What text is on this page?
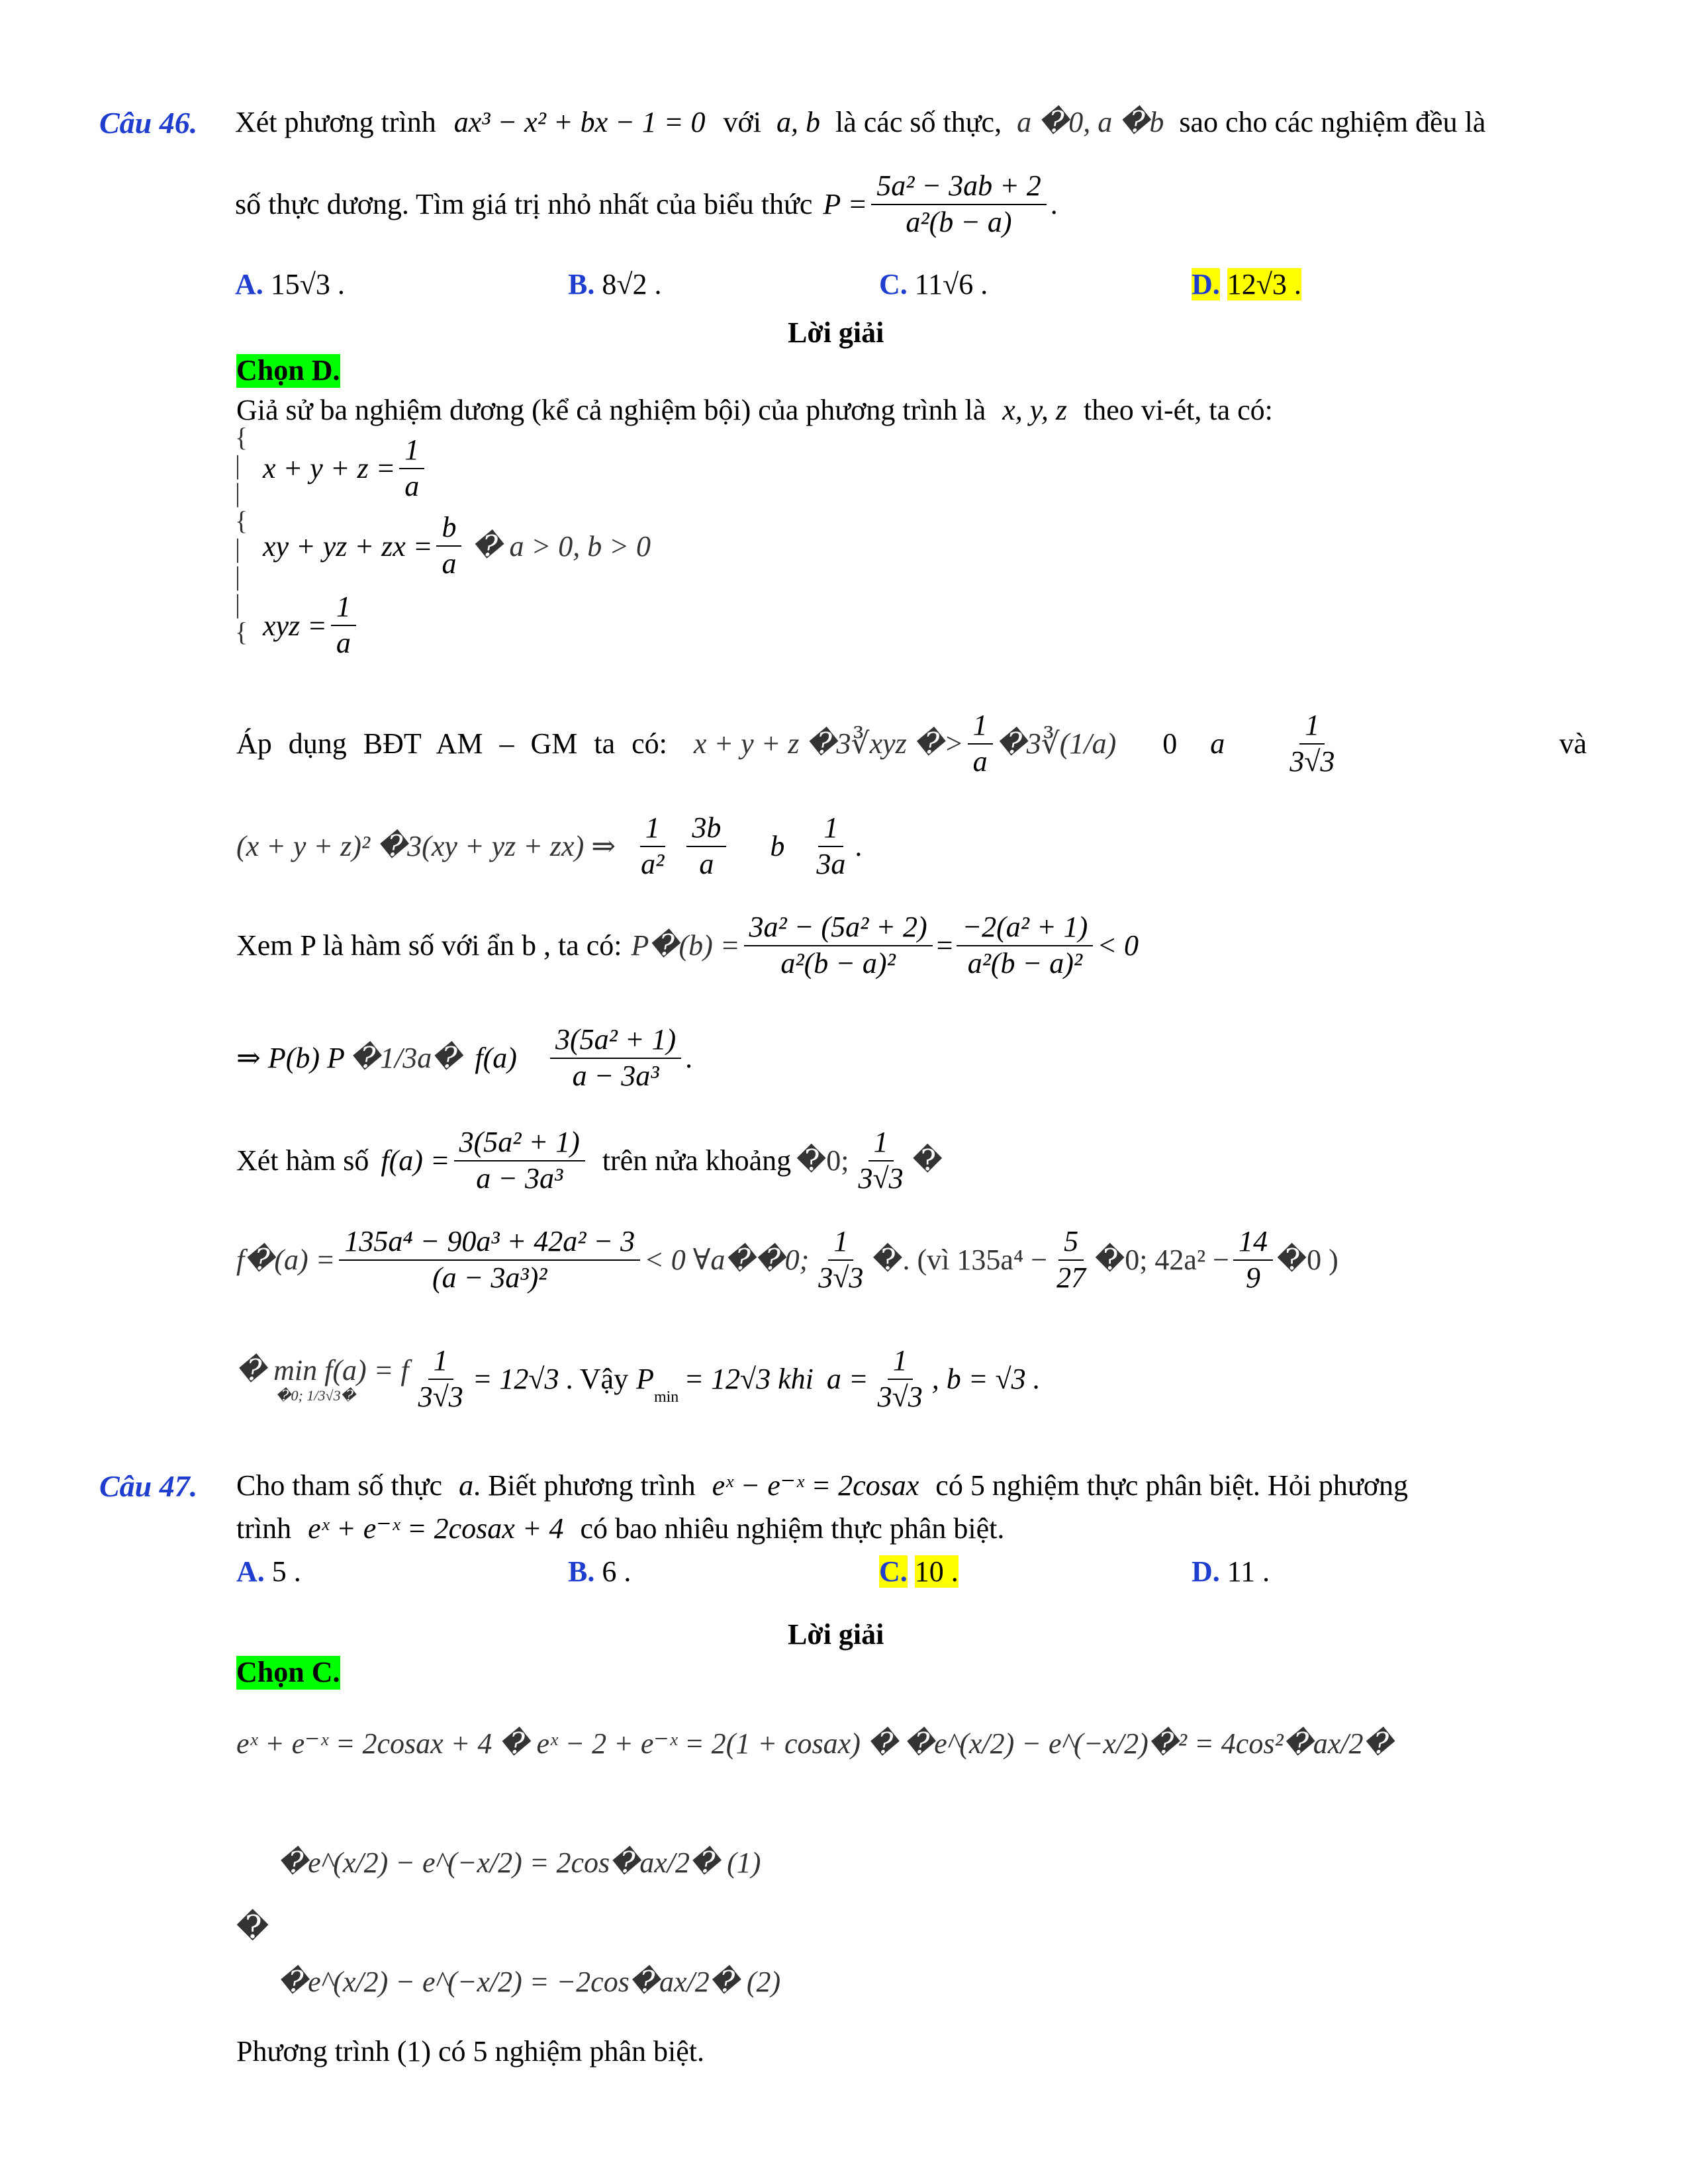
Câu 46. Xét phương trình ax³ − x² + bx − 1 = 0 với a, b là các số thực, a �0, a �b sao cho các nghiệm đều là
số thực dương. Tìm giá trị nhỏ nhất của biểu thức $P = \frac{\text{5a² − 3ab + 2}}{\text{a²(b − a)}}$ .
A. 15√3 .	B. 8√2 .	C. 11√6 .	D. 12√3 .
Lời giải
Chọn D.
Giả sử ba nghiệm dương (kể cả nghiệm bội) của phương trình là x, y, z theo vi-ét, ta có:
$x + y + z = \frac{1}{a}$
xy + yz + zx = $\frac{b}{a}$ � a > 0, b > 0
xyz = $\frac{1}{a}$
{
|
|
{
|
|
|
{

Áp dụng BĐT AM – GM ta có: x + y + z �3∛xyz �> $\frac{1}{a}$ �3∛(1/a) 0 a $\frac{1}{3√3}$	và
(x + y + z)² �3(xy + yz + zx) ⇒ $\frac{1}{\text{a²}} \frac{3b}{a}$ b $\frac{1}{3a}$ .
Xem P là hàm số với ẩn b , ta có: P�(b) = $\frac{\text{3a² − (5a² + 2)}}{\text{a²(b − a)²}} = \frac{\text{−2(a² + 1)}}{\text{a²(b − a)²}} < 0$
⇒ P(b) P �1/3a� $f(a) \frac{\text{3(5a² + 1)}}{\text{a − 3a³}}$ .
Xét hàm số $f(a) = \frac{\text{3(5a² + 1)}}{\text{a − 3a³}}$ trên nửa khoảng �0; $\frac{1}{3√3}$ �
f�(a) = $\frac{\text{135a⁴ − 90a³ + 42a² − 3}}{\text{(a − 3a³)²}} < 0$ ∀a��0; $\frac{1}{3√3}$ �. (vì $135a^4 - \frac{5}{27}$ �0; $42a^2 - \frac{14}{9}$ �0 )
� min f(a) = f
�0; 1/3√3�	$\frac{1}{3√3} = 12√3$ . Vậy P
min
= 12√3 khi $a = \frac{1}{3√3}$ , b = √3 .
Câu 47. Cho tham số thực a. Biết phương trình eˣ − e⁻ˣ = 2cosax có 5 nghiệm thực phân biệt. Hỏi phương
trình eˣ + e⁻ˣ = 2cosax + 4 có bao nhiêu nghiệm thực phân biệt.
A. 5 .	B. 6 .	C. 10 .	D. 11 .
Lời giải
Chọn C.
eˣ + e⁻ˣ = 2cosax + 4 � eˣ − 2 + e⁻ˣ = 2(1 + cosax) � �e^(x/2) − e^(−x/2)�² = 4cos² �ax/2�
�
�e^(x/2) − e^(−x/2) = 2cos�ax/2� (1)
�e^(x/2) − e^(−x/2) = −2cos�ax/2� (2)
Phương trình (1) có 5 nghiệm phân biệt.
